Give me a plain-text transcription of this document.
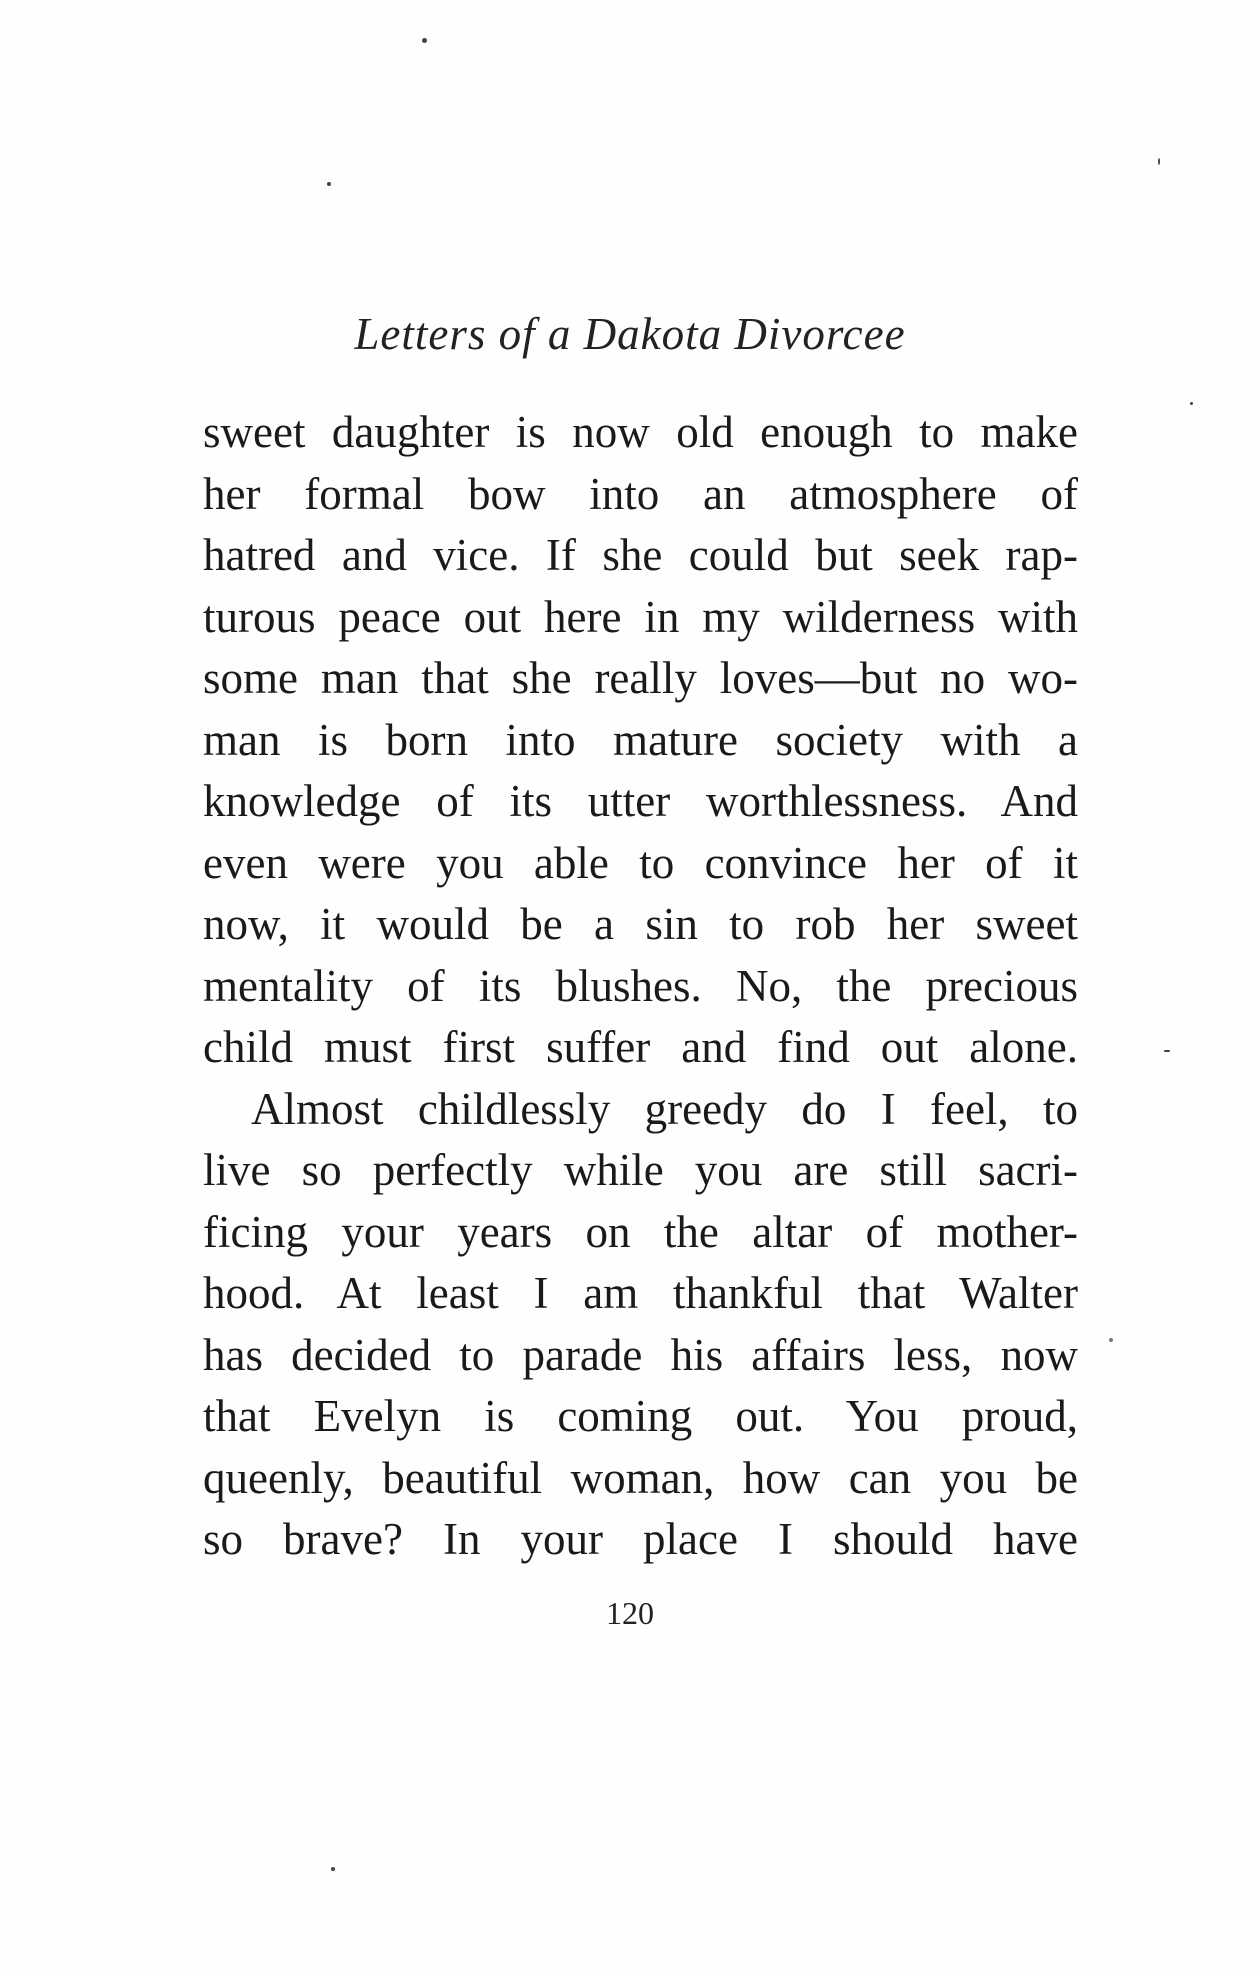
Letters of a Dakota Divorcee
sweet daughter is now old enough to make
her formal bow into an atmosphere of
hatred and vice. If she could but seek rap-
turous peace out here in my wilderness with
some man that she really loves—but no wo-
man is born into mature society with a
knowledge of its utter worthlessness. And
even were you able to convince her of it
now, it would be a sin to rob her sweet
mentality of its blushes. No, the precious
child must first suffer and find out alone.
Almost childlessly greedy do I feel, to
live so perfectly while you are still sacri-
ficing your years on the altar of mother-
hood. At least I am thankful that Walter
has decided to parade his affairs less, now
that Evelyn is coming out. You proud,
queenly, beautiful woman, how can you be
so brave? In your place I should have
120
